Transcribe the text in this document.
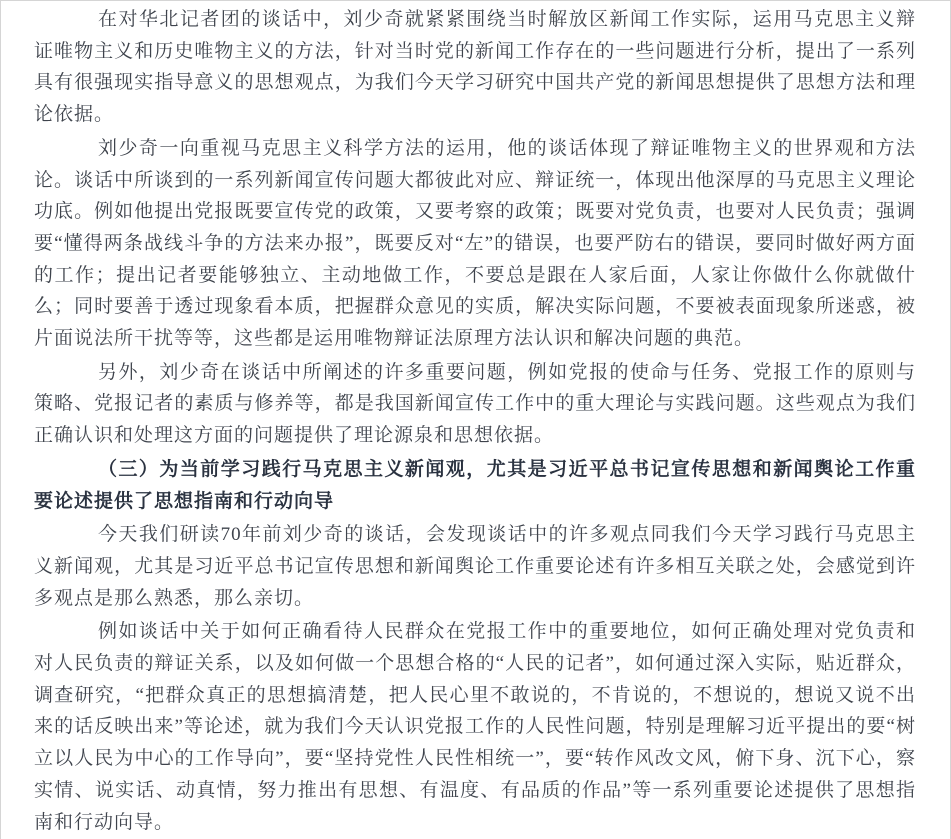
在对华北记者团的谈话中，刘少奇就紧紧围绕当时解放区新闻工作实际，运用马克思主义辩证唯物主义和历史唯物主义的方法，针对当时党的新闻工作存在的一些问题进行分析，提出了一系列具有很强现实指导意义的思想观点，为我们今天学习研究中国共产党的新闻思想提供了思想方法和理论依据。

刘少奇一向重视马克思主义科学方法的运用，他的谈话体现了辩证唯物主义的世界观和方法论。谈话中所谈到的一系列新闻宣传问题大都彼此对应、辩证统一，体现出他深厚的马克思主义理论功底。例如他提出党报既要宣传党的政策，又要考察的政策；既要对党负责，也要对人民负责；强调要“懂得两条战线斗争的方法来办报”，既要反对“左”的错误，也要严防右的错误，要同时做好两方面的工作；提出记者要能够独立、主动地做工作，不要总是跟在人家后面，人家让你做什么你就做什么；同时要善于透过现象看本质，把握群众意见的实质，解决实际问题，不要被表面现象所迷惑，被片面说法所干扰等等，这些都是运用唯物辩证法原理方法认识和解决问题的典范。

另外，刘少奇在谈话中所阐述的许多重要问题，例如党报的使命与任务、党报工作的原则与策略、党报记者的素质与修养等，都是我国新闻宣传工作中的重大理论与实践问题。这些观点为我们正确认识和处理这方面的问题提供了理论源泉和思想依据。

（三）为当前学习践行马克思主义新闻观，尤其是习近平总书记宣传思想和新闻舆论工作重要论述提供了思想指南和行动向导

今天我们研读70年前刘少奇的谈话，会发现谈话中的许多观点同我们今天学习践行马克思主义新闻观，尤其是习近平总书记宣传思想和新闻舆论工作重要论述有许多相互关联之处，会感觉到许多观点是那么熟悉，那么亲切。

例如谈话中关于如何正确看待人民群众在党报工作中的重要地位，如何正确处理对党负责和对人民负责的辩证关系，以及如何做一个思想合格的“人民的记者”，如何通过深入实际，贴近群众，调查研究，“把群众真正的思想搞清楚，把人民心里不敢说的，不肯说的，不想说的，想说又说不出来的话反映出来”等论述，就为我们今天认识党报工作的人民性问题，特别是理解习近平提出的要“树立以人民为中心的工作导向”，要“坚持党性人民性相统一”，要“转作风改文风，俯下身、沉下心，察实情、说实话、动真情，努力推出有思想、有温度、有品质的作品”等一系列重要论述提供了思想指南和行动向导。
